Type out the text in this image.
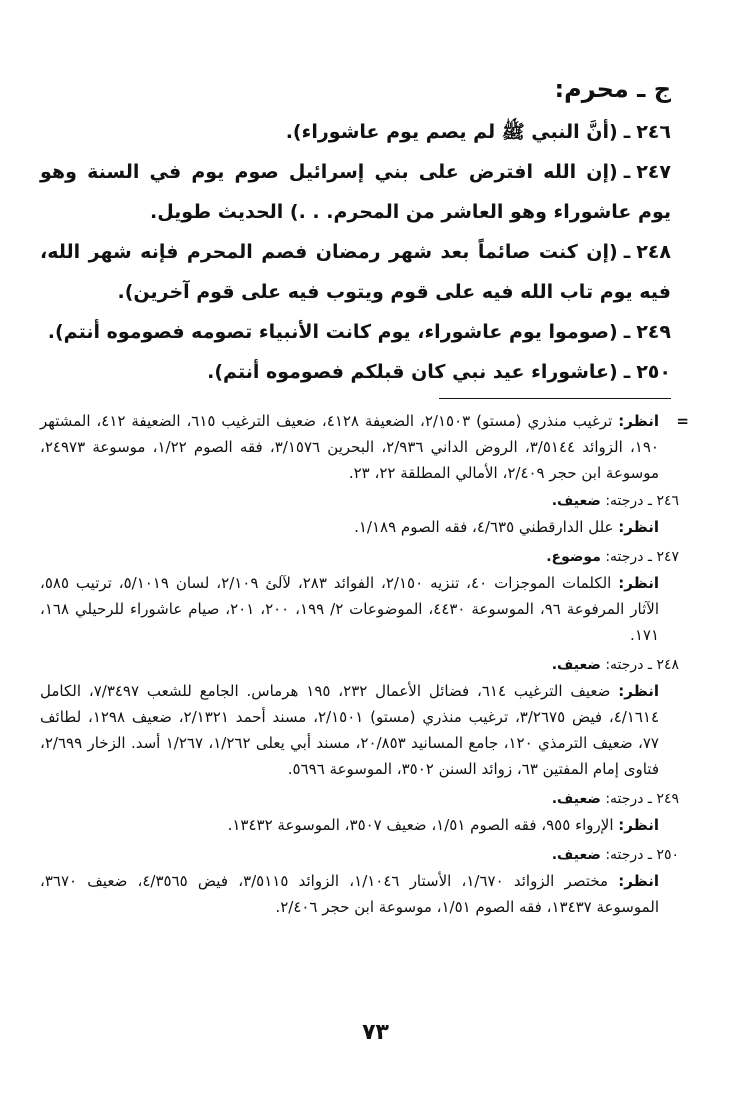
ج ـ محرم:

٢٤٦ـ(أنَّ النبي ﷺ لم يصم يوم عاشوراء).

٢٤٧ـ(إن الله افترض على بني إسرائيل صوم يوم في السنة وهو يوم عاشوراء وهو العاشر من المحرم. . .) الحديث طويل.

٢٤٨ـ(إن كنت صائماً بعد شهر رمضان فصم المحرم فإنه شهر الله، فيه يوم تاب الله فيه على قوم ويتوب فيه على قوم آخرين).

٢٤٩ـ(صوموا يوم عاشوراء، يوم كانت الأنبياء تصومه فصوموه أنتم).

٢٥٠ـ(عاشوراء عيد نبي كان قبلكم فصوموه أنتم).

=
انظر: ترغيب منذري (مستو) ٢/١٥٠٣، الضعيفة ٤١٢٨، ضعيف الترغيب ٦١٥، الضعيفة ٤١٢، المشتهر ١٩٠، الزوائد ٣/٥١٤٤، الروض الداني ٢/٩٣٦، البحرين ٣/١٥٧٦، فقه الصوم ١/٢٢، موسوعة ٢٤٩٧٣، موسوعة ابن حجر ٢/٤٠٩، الأمالي المطلقة ٢٢، ٢٣.
٢٤٦ ـ درجته: ضعيف.
انظر: علل الدارقطني ٤/٦٣٥، فقه الصوم ١/١٨٩.
٢٤٧ ـ درجته: موضوع.
انظر: الكلمات الموجزات ٤٠، تنزيه ٢/١٥٠، الفوائد ٢٨٣، لآلئ ٢/١٠٩، لسان ٥/١٠١٩، ترتيب ٥٨٥، الآثار المرفوعة ٩٦، الموسوعة ٤٤٣٠، الموضوعات ٢/ ١٩٩، ٢٠٠، ٢٠١، صيام عاشوراء للرحيلي ١٦٨، ١٧١.
٢٤٨ ـ درجته: ضعيف.
انظر: ضعيف الترغيب ٦١٤، فضائل الأعمال ٢٣٢، ١٩٥ هرماس. الجامع للشعب ٧/٣٤٩٧، الكامل ٤/١٦١٤، فيض ٣/٢٦٧٥، ترغيب منذري (مستو) ٢/١٥٠١، مسند أحمد ٢/١٣٢١، ضعيف ١٢٩٨، لطائف ٧٧، ضعيف الترمذي ١٢٠، جامع المسانيد ٢٠/٨٥٣، مسند أبي يعلى ١/٢٦٢، ١/٢٦٧ أسد. الزخار ٢/٦٩٩، فتاوى إمام المفتين ٦٣، زوائد السنن ٣٥٠٢، الموسوعة ٥٦٩٦.
٢٤٩ ـ درجته: ضعيف.
انظر: الإرواء ٩٥٥، فقه الصوم ١/٥١، ضعيف ٣٥٠٧، الموسوعة ١٣٤٣٢.
٢٥٠ ـ درجته: ضعيف.
انظر: مختصر الزوائد ١/٦٧٠، الأستار ١/١٠٤٦، الزوائد ٣/٥١١٥، فيض ٤/٣٥٦٥، ضعيف ٣٦٧٠، الموسوعة ١٣٤٣٧، فقه الصوم ١/٥١، موسوعة ابن حجر ٢/٤٠٦.
٧٣
